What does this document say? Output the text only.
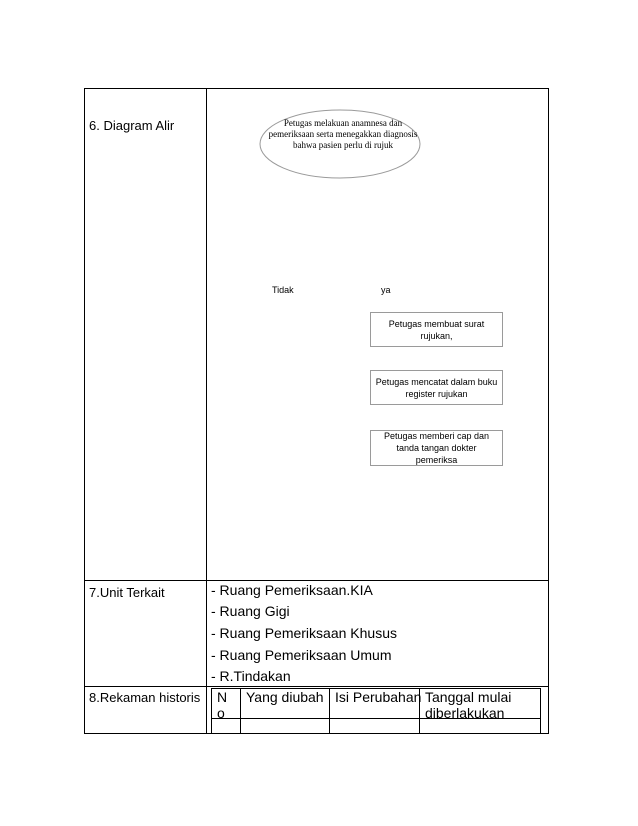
6. Diagram Alir
7.Unit Terkait
8.Rekaman historis
Petugas melakuan anamnesa dan pemeriksaan serta menegakkan diagnosis bahwa pasien perlu di rujuk
Tidak	ya
Petugas membuat surat rujukan,
Petugas mencatat dalam buku register rujukan
Petugas memberi cap dan tanda tangan dokter pemeriksa
- Ruang Pemeriksaan.KIA
- Ruang Gigi
- Ruang Pemeriksaan Khusus
- Ruang Pemeriksaan Umum
- R.Tindakan
N
o
Yang diubah Isi Perubahan Tanggal mulai
diberlakukan
